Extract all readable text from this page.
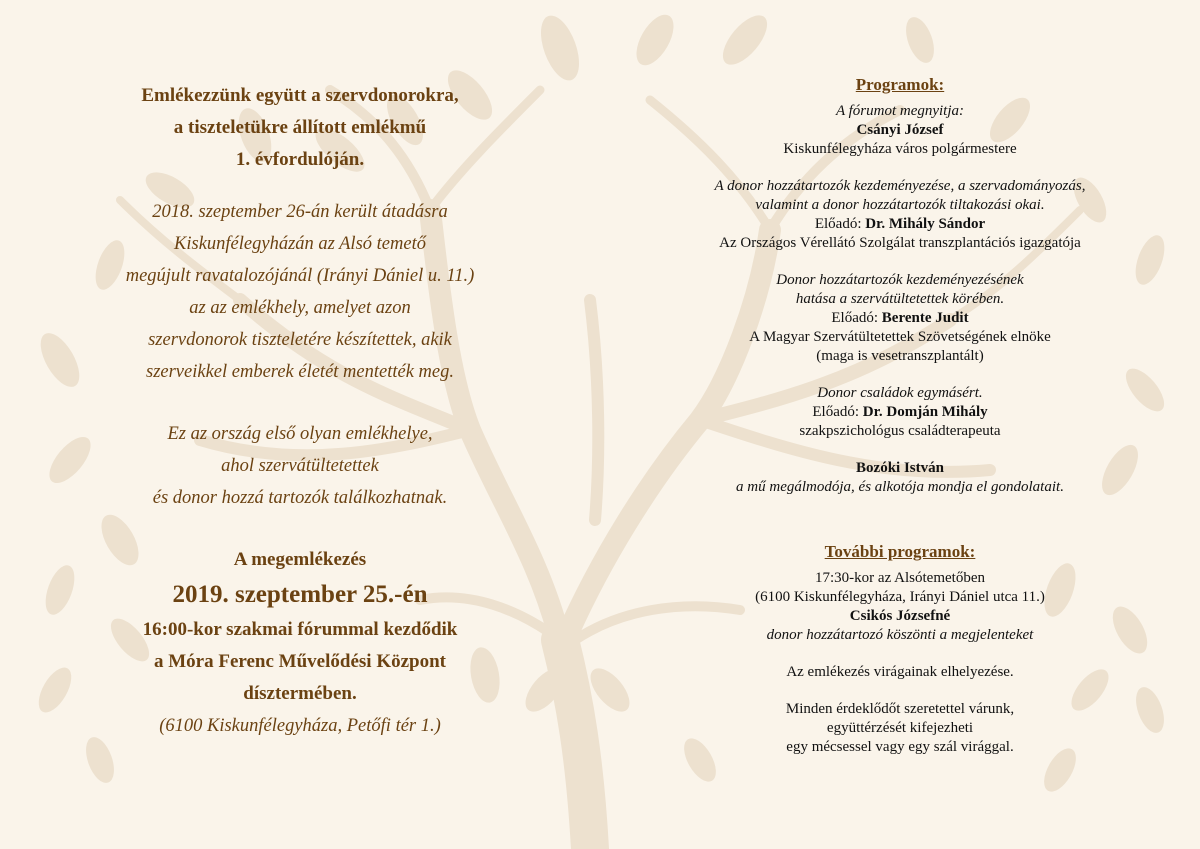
Emlékezzünk együtt a szervdonorokra,

a tiszteletükre állított emlékmű

1. évfordulóján.

2018. szeptember 26-án került átadásra

Kiskunfélegyházán az Alsó temető

megújult ravatalozójánál (Irányi Dániel u. 11.)

az az emlékhely, amelyet azon

szervdonorok tiszteletére készítettek, akik

szerveikkel emberek életét mentették meg.

Ez az ország első olyan emlékhelye,

ahol szervátültetettek

és donor hozzá tartozók találkozhatnak.

A megemlékezés

2019. szeptember 25.-én

16:00-kor szakmai fórummal kezdődik

a Móra Ferenc Művelődési Központ

dísztermében.

(6100 Kiskunfélegyháza, Petőfi tér 1.)

Programok:

A fórumot megnyitja:

Csányi József

Kiskunfélegyháza város polgármestere

A donor hozzátartozók kezdeményezése, a szervadományozás,

valamint a donor hozzátartozók tiltakozási okai.

Előadó: Dr. Mihály Sándor

Az Országos Vérellátó Szolgálat transzplantációs igazgatója

Donor hozzátartozók kezdeményezésének

hatása a szervátültetettek körében.

Előadó: Berente Judit

A Magyar Szervátültetettek Szövetségének elnöke

(maga is vesetranszplantált)

Donor családok egymásért.

Előadó: Dr. Domján Mihály

szakpszichológus családterapeuta

Bozóki István

a mű megálmodója, és alkotója mondja el gondolatait.

További programok:

17:30-kor az Alsótemetőben

(6100 Kiskunfélegyháza, Irányi Dániel utca 11.)

Csikós Józsefné

donor hozzátartozó köszönti a megjelenteket

Az emlékezés virágainak elhelyezése.

Minden érdeklődőt szeretettel várunk,

együttérzését kifejezheti

egy mécsessel vagy egy szál virággal.
